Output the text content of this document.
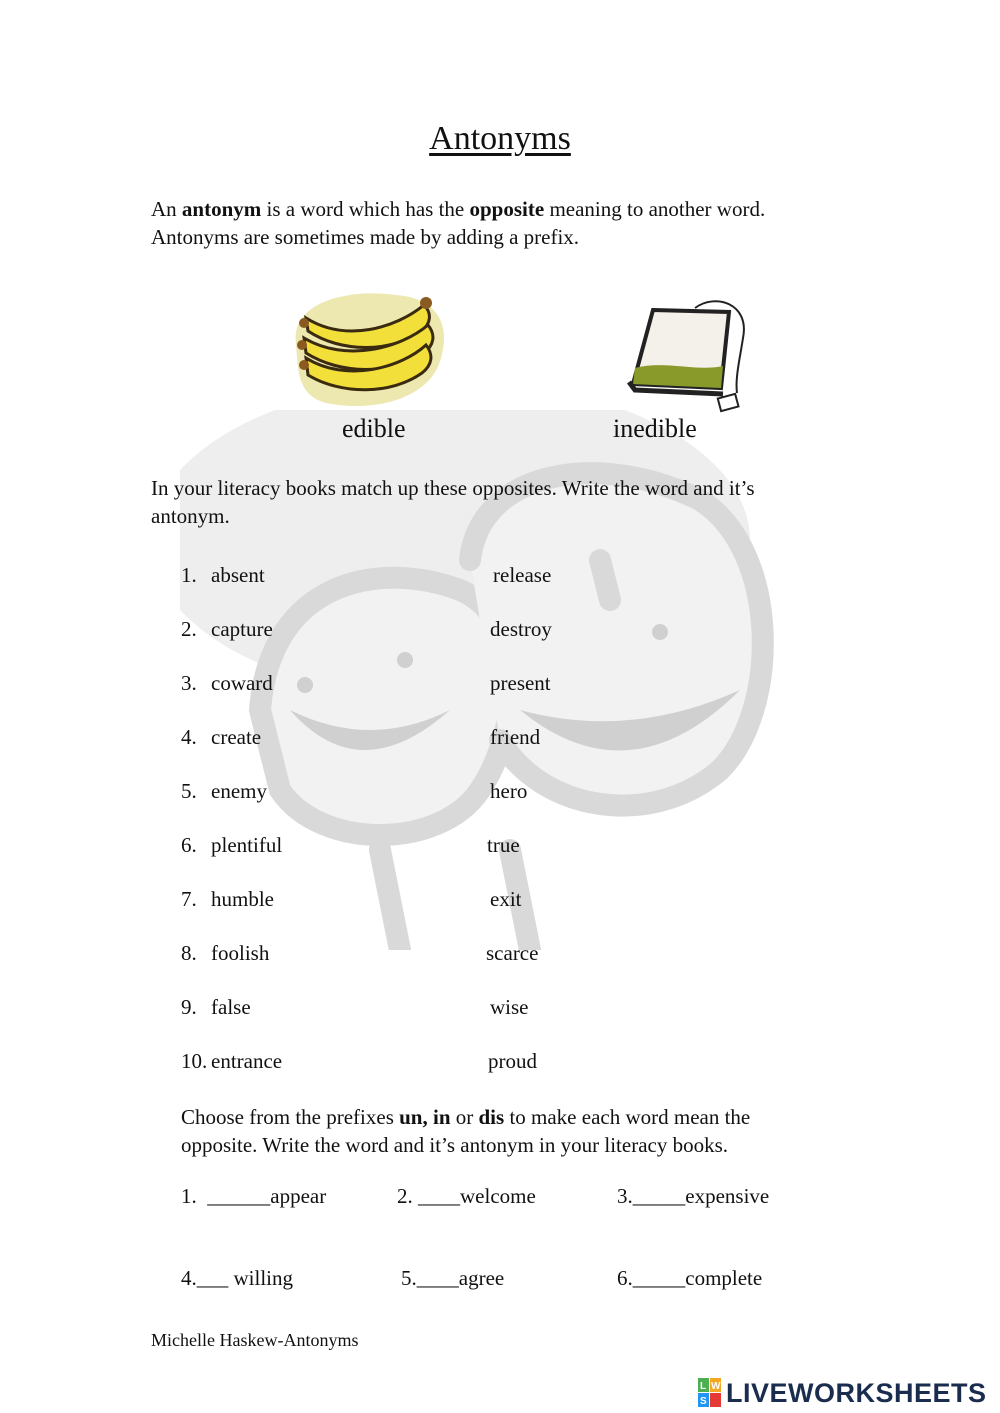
Antonyms
An antonym is a word which has the opposite meaning to another word.
Antonyms are sometimes made by adding a prefix.
edible	inedible
In your literacy books match up these opposites. Write the word and it’s
antonym.
1. absent	release
2. capture	destroy
3. coward	present
4. create	friend
5. enemy	hero
6. plentiful	true
7. humble	exit
8. foolish	scarce
9. false	wise
10. entrance	proud
Choose from the prefixes un, in or dis to make each word mean the
opposite. Write the word and it’s antonym in your literacy books.
1.  ______appear	2. ____welcome	3._____expensive
4.___ willing	5.____agree	6._____complete
Michelle Haskew-Antonyms
L W
S LIVEWORKSHEETS
